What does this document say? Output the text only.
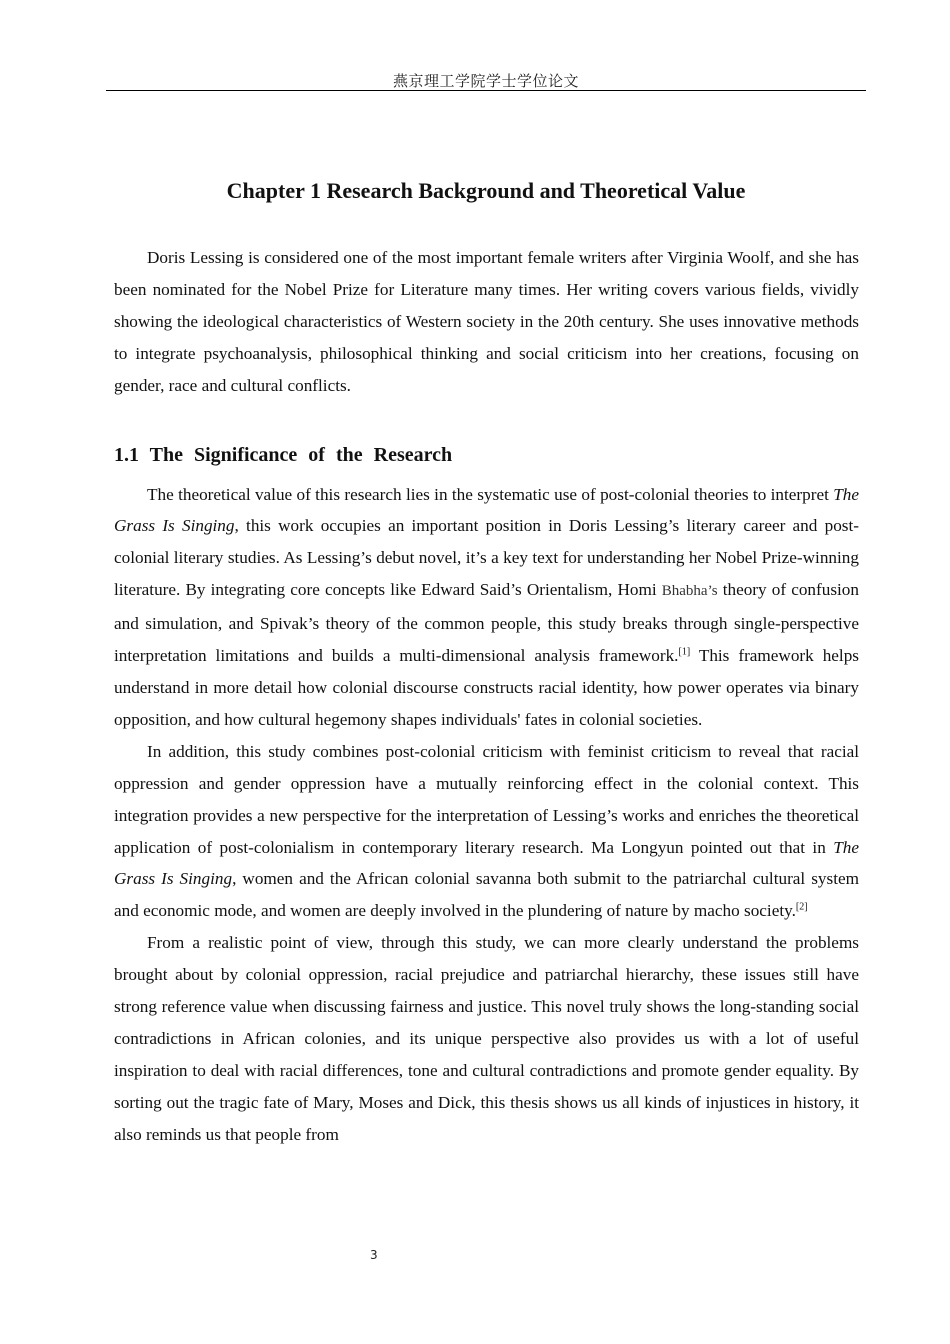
燕京理工学院学士学位论文
Chapter 1 Research Background and Theoretical Value

Doris Lessing is considered one of the most important female writers after Virginia Woolf, and she has been nominated for the Nobel Prize for Literature many times. Her writing covers various fields, vividly showing the ideological characteristics of Western society in the 20th century. She uses innovative methods to integrate psychoanalysis, philosophical thinking and social criticism into her creations, focusing on gender, race and cultural conflicts.

1.1 The Significance of the Research

The theoretical value of this research lies in the systematic use of post-colonial theories to interpret The Grass Is Singing, this work occupies an important position in Doris Lessing’s literary career and post-colonial literary studies. As Lessing’s debut novel, it’s a key text for understanding her Nobel Prize-winning literature. By integrating core concepts like Edward Said’s Orientalism, Homi Bhabha’s theory of confusion and simulation, and Spivak’s theory of the common people, this study breaks through single-perspective interpretation limitations and builds a multi-dimensional analysis framework.[1] This framework helps understand in more detail how colonial discourse constructs racial identity, how power operates via binary opposition, and how cultural hegemony shapes individuals' fates in colonial societies.

In addition, this study combines post-colonial criticism with feminist criticism to reveal that racial oppression and gender oppression have a mutually reinforcing effect in the colonial context. This integration provides a new perspective for the interpretation of Lessing’s works and enriches the theoretical application of post-colonialism in contemporary literary research. Ma Longyun pointed out that in The Grass Is Singing, women and the African colonial savanna both submit to the patriarchal cultural system and economic mode, and women are deeply involved in the plundering of nature by macho society.[2]

From a realistic point of view, through this study, we can more clearly understand the problems brought about by colonial oppression, racial prejudice and patriarchal hierarchy, these issues still have strong reference value when discussing fairness and justice. This novel truly shows the long-standing social contradictions in African colonies, and its unique perspective also provides us with a lot of useful inspiration to deal with racial differences, tone and cultural contradictions and promote gender equality. By sorting out the tragic fate of Mary, Moses and Dick, this thesis shows us all kinds of injustices in history, it also reminds us that people from

3
